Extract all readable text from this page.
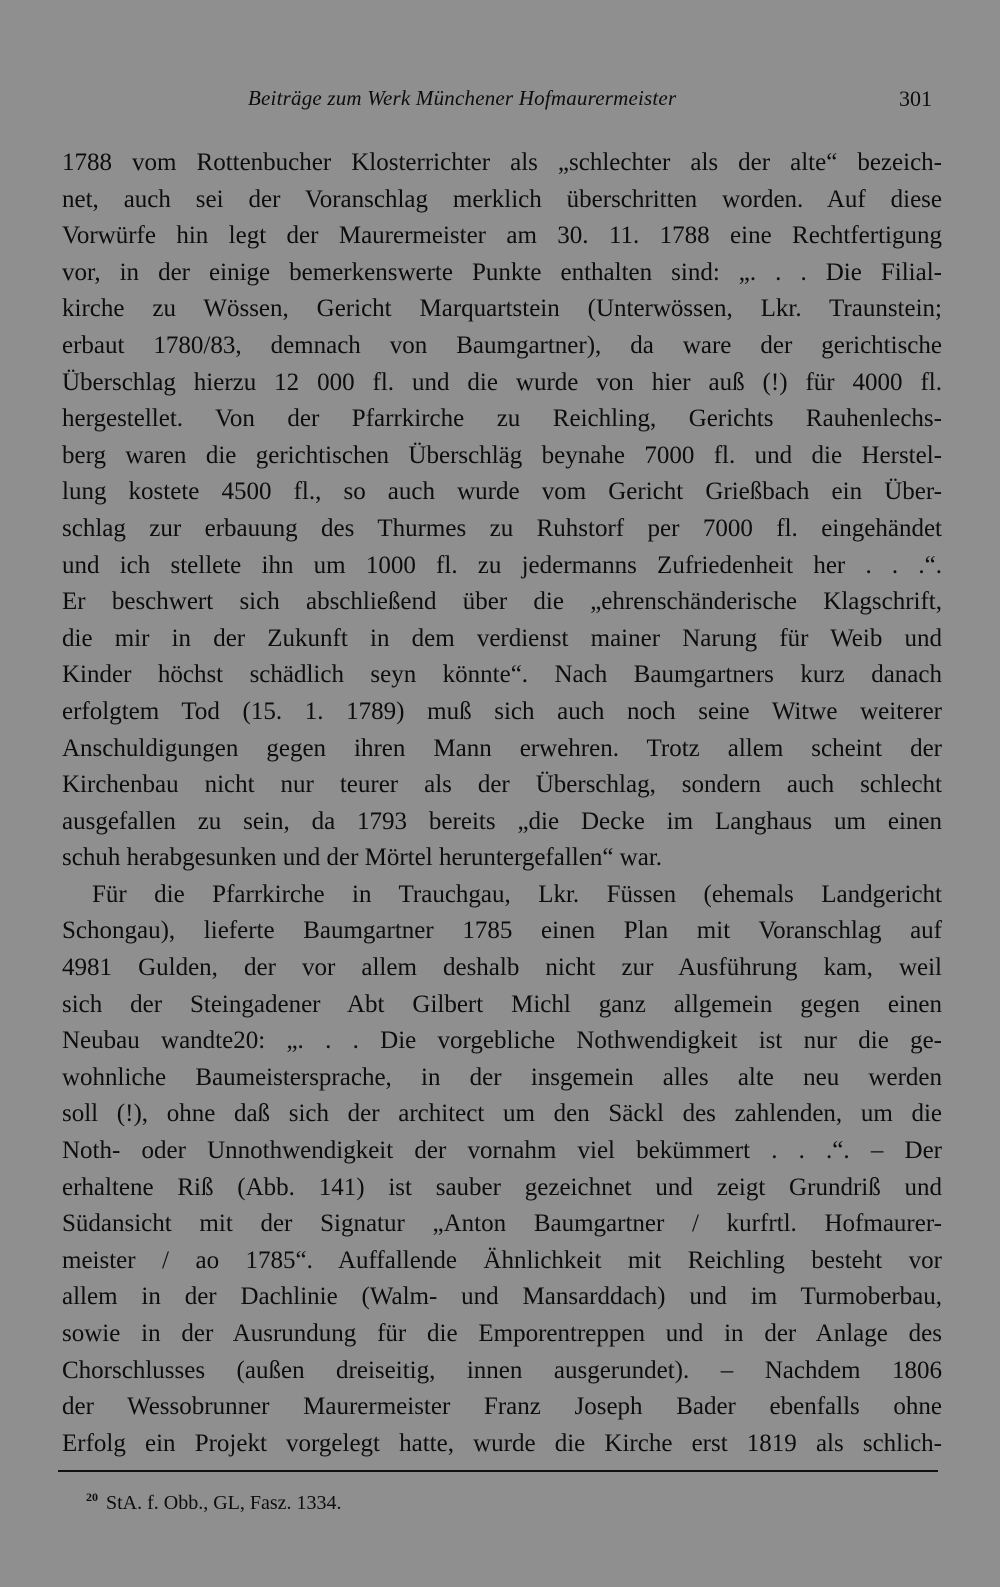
Beiträge zum Werk Münchener Hofmaurermeister	301
1788 vom Rottenbucher Klosterrichter als „schlechter als der alte“ bezeich-
net, auch sei der Voranschlag merklich überschritten worden. Auf diese
Vorwürfe hin legt der Maurermeister am 30. 11. 1788 eine Rechtfertigung
vor, in der einige bemerkenswerte Punkte enthalten sind: „. . . Die Filial-
kirche zu Wössen, Gericht Marquartstein (Unterwössen, Lkr. Traunstein;
erbaut 1780/83, demnach von Baumgartner), da ware der gerichtische
Überschlag hierzu 12 000 fl. und die wurde von hier auß (!) für 4000 fl.
hergestellet. Von der Pfarrkirche zu Reichling, Gerichts Rauhenlechs-
berg waren die gerichtischen Überschläg beynahe 7000 fl. und die Herstel-
lung kostete 4500 fl., so auch wurde vom Gericht Grießbach ein Über-
schlag zur erbauung des Thurmes zu Ruhstorf per 7000 fl. eingehändet
und ich stellete ihn um 1000 fl. zu jedermanns Zufriedenheit her . . .“.
Er beschwert sich abschließend über die „ehrenschänderische Klagschrift,
die mir in der Zukunft in dem verdienst mainer Narung für Weib und
Kinder höchst schädlich seyn könnte“. Nach Baumgartners kurz danach
erfolgtem Tod (15. 1. 1789) muß sich auch noch seine Witwe weiterer
Anschuldigungen gegen ihren Mann erwehren. Trotz allem scheint der
Kirchenbau nicht nur teurer als der Überschlag, sondern auch schlecht
ausgefallen zu sein, da 1793 bereits „die Decke im Langhaus um einen
schuh herabgesunken und der Mörtel heruntergefallen“ war.
Für die Pfarrkirche in Trauchgau, Lkr. Füssen (ehemals Landgericht
Schongau), lieferte Baumgartner 1785 einen Plan mit Voranschlag auf
4981 Gulden, der vor allem deshalb nicht zur Ausführung kam, weil
sich der Steingadener Abt Gilbert Michl ganz allgemein gegen einen
Neubau wandte20: „. . . Die vorgebliche Nothwendigkeit ist nur die ge-
wohnliche Baumeistersprache, in der insgemein alles alte neu werden
soll (!), ohne daß sich der architect um den Säckl des zahlenden, um die
Noth- oder Unnothwendigkeit der vornahm viel bekümmert . . .“. – Der
erhaltene Riß (Abb. 141) ist sauber gezeichnet und zeigt Grundriß und
Südansicht mit der Signatur „Anton Baumgartner / kurfrtl. Hofmaurer-
meister / ao 1785“. Auffallende Ähnlichkeit mit Reichling besteht vor
allem in der Dachlinie (Walm- und Mansarddach) und im Turmoberbau,
sowie in der Ausrundung für die Emporentreppen und in der Anlage des
Chorschlusses (außen dreiseitig, innen ausgerundet). – Nachdem 1806
der Wessobrunner Maurermeister Franz Joseph Bader ebenfalls ohne
Erfolg ein Projekt vorgelegt hatte, wurde die Kirche erst 1819 als schlich-
$^{20}$ StA. f. Obb., GL, Fasz. 1334.
